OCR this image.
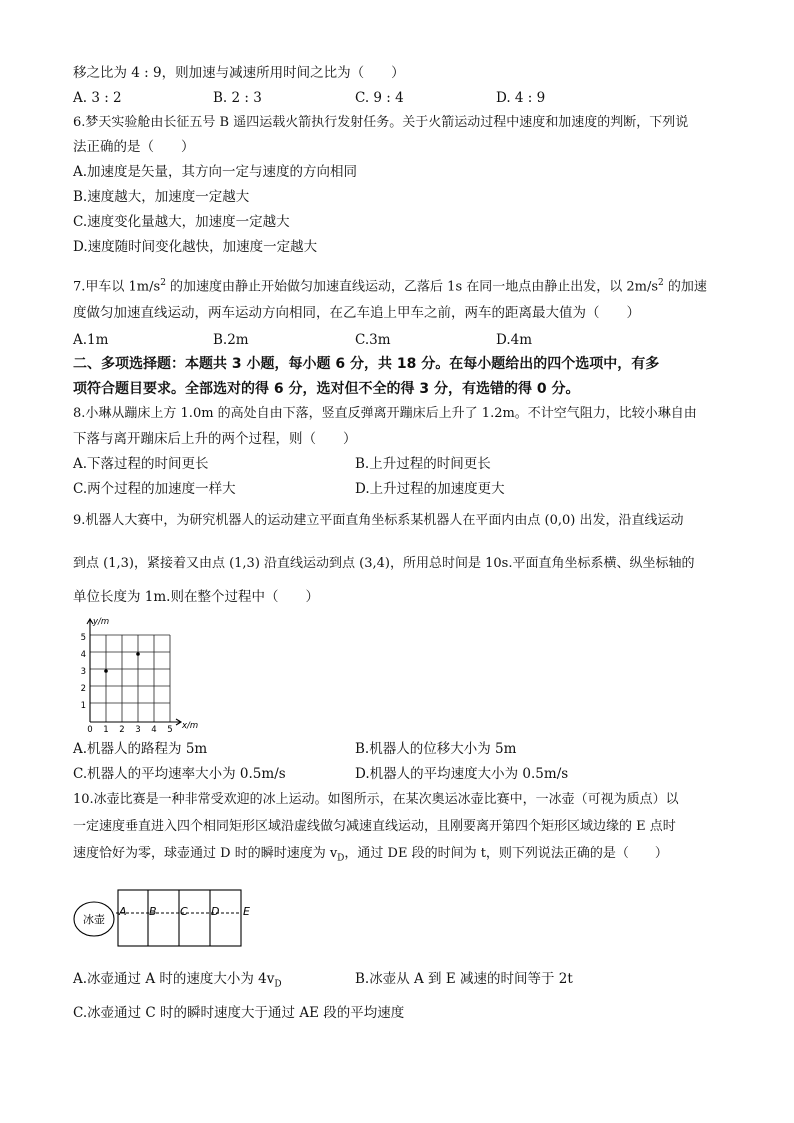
移之比为 4 : 9，则加速与减速所用时间之比为（　　）
A. 3 : 2	B. 2 : 3	C. 9 : 4	D. 4 : 9
6.梦天实验舱由长征五号 B 遥四运载火箭执行发射任务。关于火箭运动过程中速度和加速度的判断，下列说
法正确的是（　　）
A.加速度是矢量，其方向一定与速度的方向相同
B.速度越大，加速度一定越大
C.速度变化量越大，加速度一定越大
D.速度随时间变化越快，加速度一定越大
7.甲车以 $1m/s^2$ 的加速度由静止开始做匀加速直线运动，乙落后 1s 在同一地点由静止出发，以 $2m/s^2$ 的加速
度做匀加速直线运动，两车运动方向相同，在乙车追上甲车之前，两车的距离最大值为（　　）
A.1m	B.2m	C.3m	D.4m
二、多项选择题：本题共 3 小题，每小题 6 分，共 18 分。在每小题给出的四个选项中，有多
项符合题目要求。全部选对的得 6 分，选对但不全的得 3 分，有选错的得 0 分。
8.小琳从蹦床上方 1.0m 的高处自由下落，竖直反弹离开蹦床后上升了 1.2m。不计空气阻力，比较小琳自由
下落与离开蹦床后上升的两个过程，则（　　）
A.下落过程的时间更长	B.上升过程的时间更长
C.两个过程的加速度一样大	D.上升过程的加速度更大
9.机器人大赛中，为研究机器人的运动建立平面直角坐标系某机器人在平面内由点 (0,0) 出发，沿直线运动
到点 (1,3)，紧接着又由点 (1,3) 沿直线运动到点 (3,4)，所用总时间是 10s.平面直角坐标系横、纵坐标轴的
单位长度为 1m.则在整个过程中（　　）
y/m
x/m
0 1 2 3 4 5
1
2
3
4
5
A.机器人的路程为 5m	B.机器人的位移大小为 5m
C.机器人的平均速率大小为 0.5m/s	D.机器人的平均速度大小为 0.5m/s
10.冰壶比赛是一种非常受欢迎的冰上运动。如图所示，在某次奥运冰壶比赛中，一冰壶（可视为质点）以
一定速度垂直进入四个相同矩形区域沿虚线做匀减速直线运动，且刚要离开第四个矩形区域边缘的 E 点时
速度恰好为零，球壶通过 D 时的瞬时速度为 $v_D$，通过 DE 段的时间为 t，则下列说法正确的是（　　）
冰壶
A B C D E
A.冰壶通过 A 时的速度大小为 $4v_D$	B.冰壶从 A 到 E 减速的时间等于 2t
C.冰壶通过 C 时的瞬时速度大于通过 AE 段的平均速度
